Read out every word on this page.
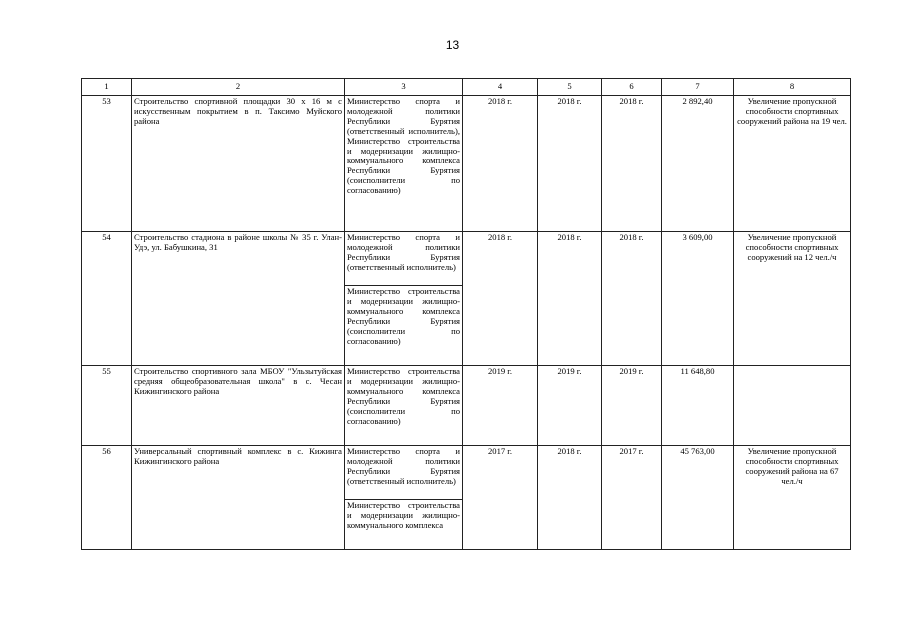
13
1	2	3	4	5	6	7	8
53	Строительство спортивной площадки 30 х 16 м с искусственным покрытием в п. Таксимо Муйского района	Министерство спорта и молодежной политики Республики Бурятия (ответственный исполнитель), Министерство строительства и модернизации жилищно-коммунального комплекса Республики Бурятия (соисполнители по согласованию)	2018 г.	2018 г.	2018 г.	2 892,40	Увеличение пропускной способности спортивных сооружений района на 19 чел.
54	Строительство стадиона в районе школы № 35 г. Улан-Удэ, ул. Бабушкина, 31	Министерство спорта и молодежной политики Республики Бурятия (ответственный исполнитель)	2018 г.	2018 г.	2018 г.	3 609,00	Увеличение пропускной способности спортивных сооружений на 12 чел./ч
		Министерство строительства и модернизации жилищно-коммунального комплекса Республики Бурятия (соисполнители по согласованию)					
55	Строительство спортивного зала МБОУ "Ульзытуйская средняя общеобразовательная школа" в с. Чесан Кижингинского района	Министерство строительства и модернизации жилищно-коммунального комплекса Республики Бурятия (соисполнители по согласованию)	2019 г.	2019 г.	2019 г.	11 648,80	
56	Универсальный спортивный комплекс в с. Кижинга Кижингинского района	Министерство спорта и молодежной политики Республики Бурятия (ответственный исполнитель)	2017 г.	2018 г.	2017 г.	45 763,00	Увеличение пропускной способности спортивных сооружений района на 67 чел./ч
		Министерство строительства и модернизации жилищно-коммунального комплекса					
